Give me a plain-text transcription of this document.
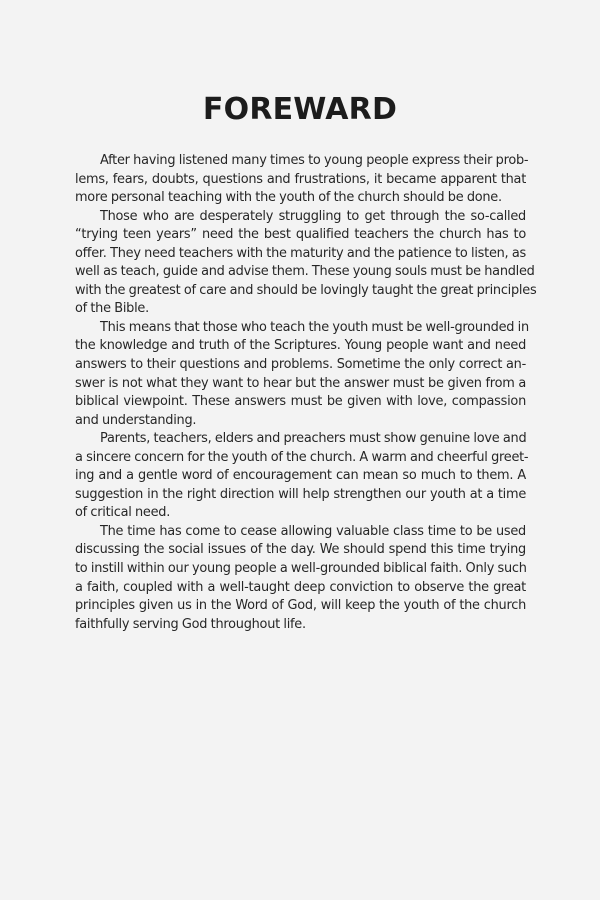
FOREWARD
After having listened many times to young people express their prob-
lems, fears, doubts, questions and frustrations, it became apparent that
more personal teaching with the youth of the church should be done.
Those who are desperately struggling to get through the so-called
“trying teen years” need the best qualified teachers the church has to
offer. They need teachers with the maturity and the patience to listen, as
well as teach, guide and advise them. These young souls must be handled
with the greatest of care and should be lovingly taught the great principles
of the Bible.
This means that those who teach the youth must be well-grounded in
the knowledge and truth of the Scriptures. Young people want and need
answers to their questions and problems. Sometime the only correct an-
swer is not what they want to hear but the answer must be given from a
biblical viewpoint. These answers must be given with love, compassion
and understanding.
Parents, teachers, elders and preachers must show genuine love and
a sincere concern for the youth of the church. A warm and cheerful greet-
ing and a gentle word of encouragement can mean so much to them. A
suggestion in the right direction will help strengthen our youth at a time
of critical need.
The time has come to cease allowing valuable class time to be used
discussing the social issues of the day. We should spend this time trying
to instill within our young people a well-grounded biblical faith. Only such
a faith, coupled with a well-taught deep conviction to observe the great
principles given us in the Word of God, will keep the youth of the church
faithfully serving God throughout life.
